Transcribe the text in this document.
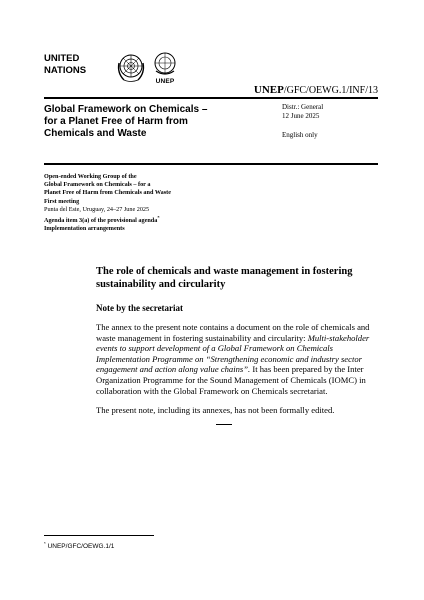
UNITED
NATIONS
UNEP
UNEP/GFC/OEWG.1/INF/13
Global Framework on Chemicals –
for a Planet Free of Harm from
Chemicals and Waste
Distr.: General
12 June 2025
English only
Open-ended Working Group of the
Global Framework on Chemicals – for a
Planet Free of Harm from Chemicals and Waste
First meeting
Punta del Este, Uruguay, 24–27 June 2025
Agenda item 3(a) of the provisional agenda*
Implementation arrangements
The role of chemicals and waste management in fostering
sustainability and circularity
Note by the secretariat
The annex to the present note contains a document on the role of chemicals and waste management in fostering sustainability and circularity: Multi-stakeholder events to support development of a Global Framework on Chemicals Implementation Programme on “Strengthening economic and industry sector engagement and action along value chains”. It has been prepared by the Inter Organization Programme for the Sound Management of Chemicals (IOMC) in collaboration with the Global Framework on Chemicals secretariat.
The present note, including its annexes, has not been formally edited.
* UNEP/GFC/OEWG.1/1
